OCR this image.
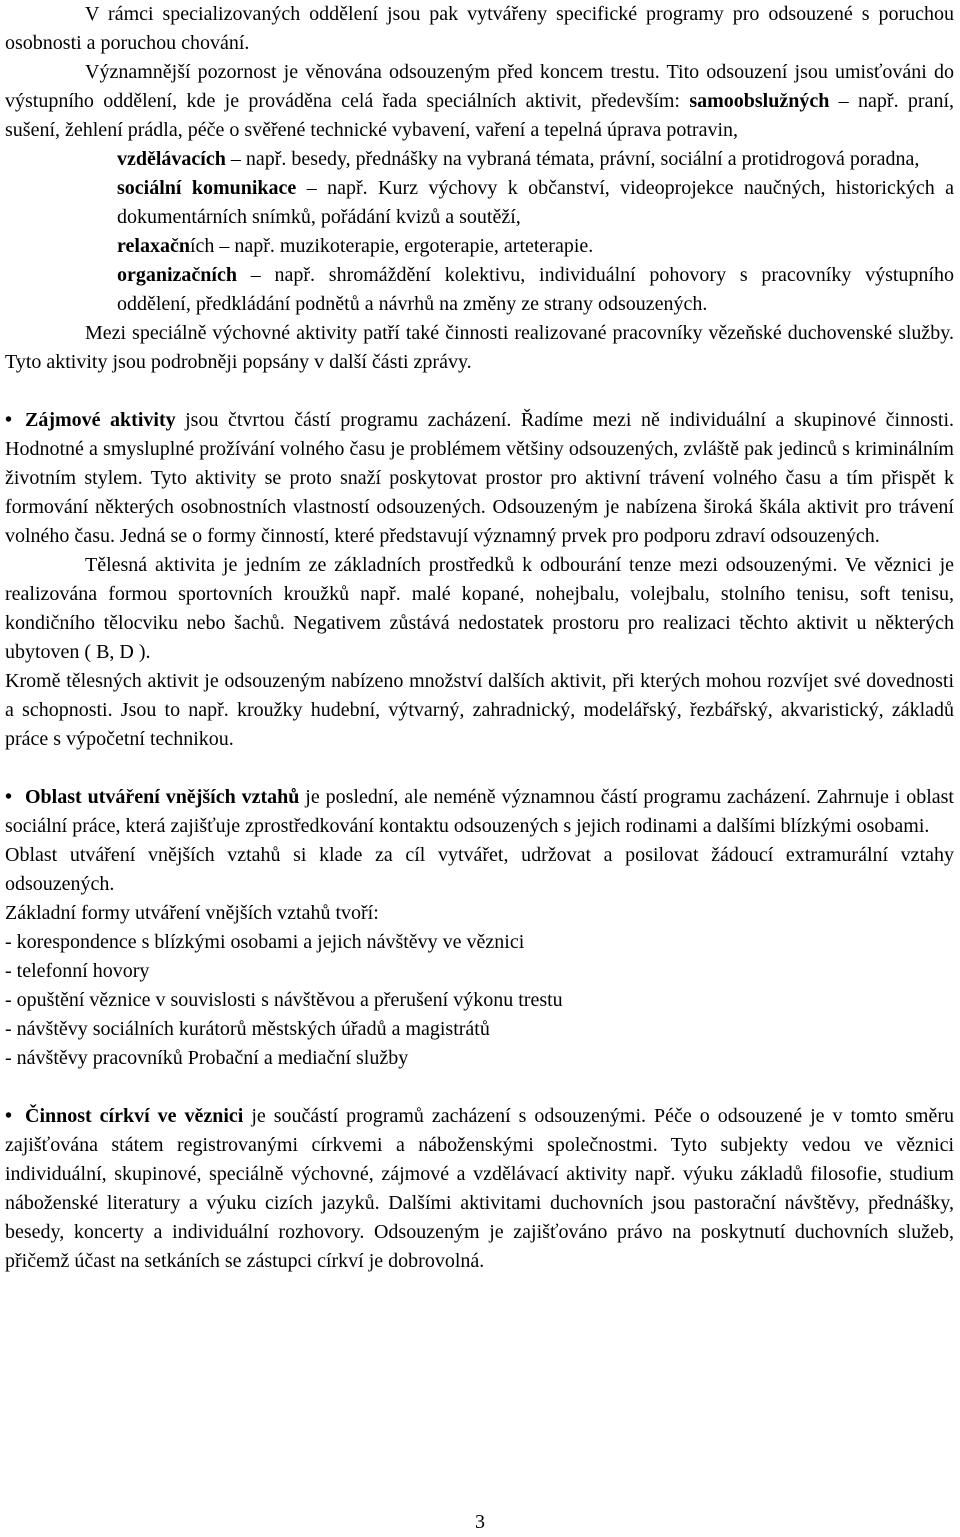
V rámci specializovaných oddělení jsou pak vytvářeny specifické programy pro odsouzené s poruchou osobnosti a poruchou chování.

Významnější pozornost je věnována odsouzeným před koncem trestu. Tito odsouzení jsou umisťováni do výstupního oddělení, kde je prováděna celá řada speciálních aktivit, především: samoobslužných – např. praní, sušení, žehlení prádla, péče o svěřené technické vybavení, vaření a tepelná úprava potravin,

vzdělávacích – např. besedy, přednášky na vybraná témata, právní, sociální a protidrogová poradna,

sociální komunikace – např. Kurz výchovy k občanství, videoprojekce naučných, historických a dokumentárních snímků, pořádání kvizů a soutěží,

relaxačních – např. muzikoterapie, ergoterapie, arteterapie.

organizačních – např. shromáždění kolektivu, individuální pohovory s pracovníky výstupního oddělení, předkládání podnětů a návrhů na změny ze strany odsouzených.

Mezi speciálně výchovné aktivity patří také činnosti realizované pracovníky vězeňské duchovenské služby. Tyto aktivity jsou podrobněji popsány v další části zprávy.

• Zájmové aktivity jsou čtvrtou částí programu zacházení. Řadíme mezi ně individuální a skupinové činnosti. Hodnotné a smysluplné prožívání volného času je problémem většiny odsouzených, zvláště pak jedinců s kriminálním životním stylem. Tyto aktivity se proto snaží poskytovat prostor pro aktivní trávení volného času a tím přispět k formování některých osobnostních vlastností odsouzených. Odsouzeným je nabízena široká škála aktivit pro trávení volného času. Jedná se o formy činností, které představují významný prvek pro podporu zdraví odsouzených.

Tělesná aktivita je jedním ze základních prostředků k odbourání tenze mezi odsouzenými. Ve věznici je realizována formou sportovních kroužků např. malé kopané, nohejbalu, volejbalu, stolního tenisu, soft tenisu, kondičního tělocviku nebo šachů. Negativem zůstává nedostatek prostoru pro realizaci těchto aktivit u některých ubytoven ( B, D ).

Kromě tělesných aktivit je odsouzeným nabízeno množství dalších aktivit, při kterých mohou rozvíjet své dovednosti a schopnosti. Jsou to např. kroužky hudební, výtvarný, zahradnický, modelářský, řezbářský, akvaristický, základů práce s výpočetní technikou.

• Oblast utváření vnějších vztahů je poslední, ale neméně významnou částí programu zacházení. Zahrnuje i oblast sociální práce, která zajišťuje zprostředkování kontaktu odsouzených s jejich rodinami a dalšími blízkými osobami.

Oblast utváření vnějších vztahů si klade za cíl vytvářet, udržovat a posilovat žádoucí extramurální vztahy odsouzených.

Základní formy utváření vnějších vztahů tvoří:

- korespondence s blízkými osobami a jejich návštěvy ve věznici

- telefonní hovory

- opuštění věznice v souvislosti s návštěvou a přerušení výkonu trestu

- návštěvy sociálních kurátorů městských úřadů a magistrátů

- návštěvy pracovníků Probační a mediační služby

• Činnost církví ve věznici je součástí programů zacházení s odsouzenými. Péče o odsouzené je v tomto směru zajišťována státem registrovanými církvemi a náboženskými společnostmi. Tyto subjekty vedou ve věznici individuální, skupinové, speciálně výchovné, zájmové a vzdělávací aktivity např. výuku základů filosofie, studium náboženské literatury a výuku cizích jazyků. Dalšími aktivitami duchovních jsou pastorační návštěvy, přednášky, besedy, koncerty a individuální rozhovory. Odsouzeným je zajišťováno právo na poskytnutí duchovních služeb, přičemž účast na setkáních se zástupci církví je dobrovolná.

3
